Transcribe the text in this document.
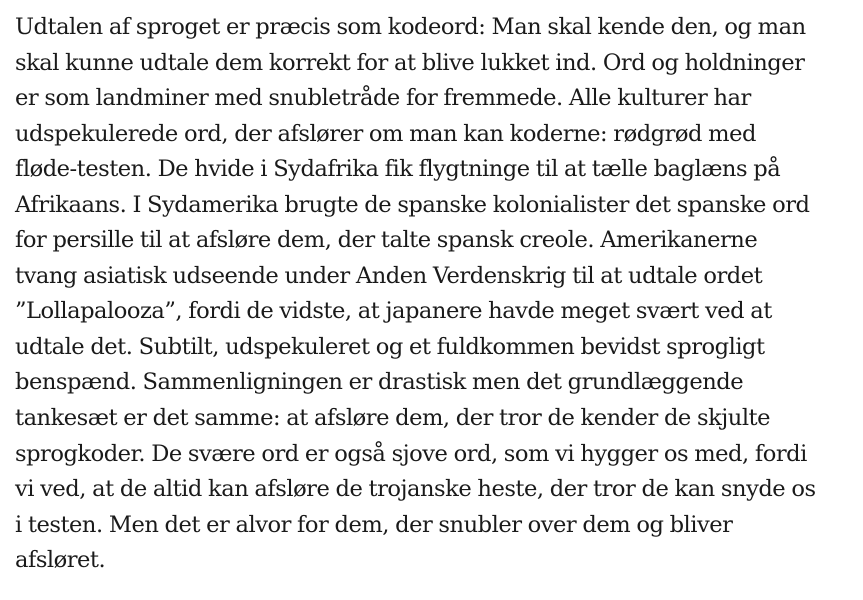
Udtalen af sproget er præcis som kodeord: Man skal kende den, og man
skal kunne udtale dem korrekt for at blive lukket ind. Ord og holdninger
er som landminer med snubletråde for fremmede. Alle kulturer har
udspekulerede ord, der afslører om man kan koderne: rødgrød med
fløde-testen. De hvide i Sydafrika fik flygtninge til at tælle baglæns på
Afrikaans. I Sydamerika brugte de spanske kolonialister det spanske ord
for persille til at afsløre dem, der talte spansk creole. Amerikanerne
tvang asiatisk udseende under Anden Verdenskrig til at udtale ordet
”Lollapalooza”, fordi de vidste, at japanere havde meget svært ved at
udtale det. Subtilt, udspekuleret og et fuldkommen bevidst sprogligt
benspænd. Sammenligningen er drastisk men det grundlæggende
tankesæt er det samme: at afsløre dem, der tror de kender de skjulte
sprogkoder. De svære ord er også sjove ord, som vi hygger os med, fordi
vi ved, at de altid kan afsløre de trojanske heste, der tror de kan snyde os
i testen. Men det er alvor for dem, der snubler over dem og bliver
afsløret.
